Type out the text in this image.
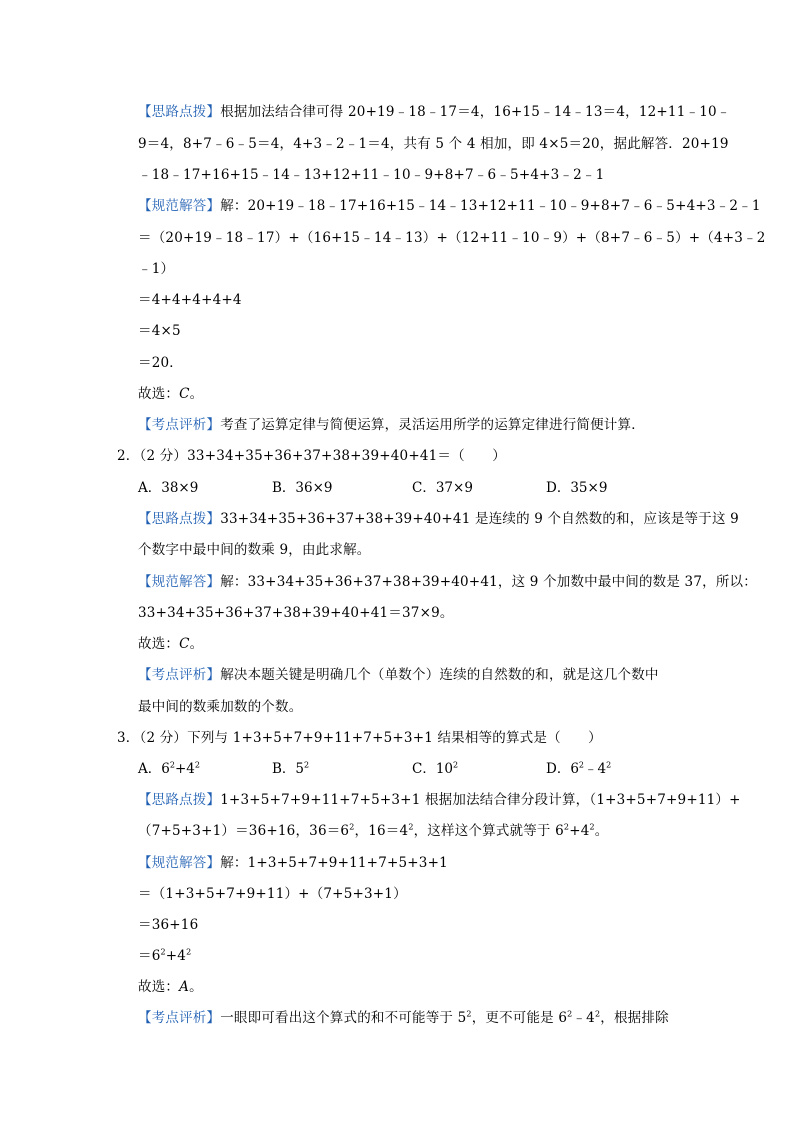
【思路点拨】根据加法结合律可得 20+19﹣18﹣17＝4，16+15﹣14﹣13＝4，12+11﹣10﹣
9＝4，8+7﹣6﹣5＝4，4+3﹣2﹣1＝4，共有 5 个 4 相加，即 4×5＝20，据此解答．20+19
﹣18﹣17+16+15﹣14﹣13+12+11﹣10﹣9+8+7﹣6﹣5+4+3﹣2﹣1
【规范解答】解：20+19﹣18﹣17+16+15﹣14﹣13+12+11﹣10﹣9+8+7﹣6﹣5+4+3﹣2﹣1
＝（20+19﹣18﹣17）+（16+15﹣14﹣13）+（12+11﹣10﹣9）+（8+7﹣6﹣5）+（4+3﹣2
﹣1）
＝4+4+4+4+4
＝4×5
＝20．
故选：C。
【考点评析】考查了运算定律与简便运算，灵活运用所学的运算定律进行简便计算．
2．（2 分）33+34+35+36+37+38+39+40+41＝（　　）
A．38×9	B．36×9	C．37×9	D．35×9
【思路点拨】33+34+35+36+37+38+39+40+41 是连续的 9 个自然数的和，应该是等于这 9
个数字中最中间的数乘 9，由此求解。
【规范解答】解：33+34+35+36+37+38+39+40+41，这 9 个加数中最中间的数是 37，所以：
33+34+35+36+37+38+39+40+41＝37×9。
故选：C。
【考点评析】解决本题关键是明确几个（单数个）连续的自然数的和，就是这几个数中
最中间的数乘加数的个数。
3．（2 分）下列与 1+3+5+7+9+11+7+5+3+1 结果相等的算式是（　　）
A．$6^2+4^2$	B．$5^2$	C．$10^2$	D．$6^2﹣4^2$
【思路点拨】1+3+5+7+9+11+7+5+3+1 根据加法结合律分段计算，（1+3+5+7+9+11）+
（7+5+3+1）＝36+16，$36=6^2$，$16=4^2$，这样这个算式就等于 $6^2+4^2$。
【规范解答】解：1+3+5+7+9+11+7+5+3+1
＝（1+3+5+7+9+11）+（7+5+3+1）
＝36+16
$=6^2+4^2$
故选：A。
【考点评析】一眼即可看出这个算式的和不可能等于 $5^2$，更不可能是 $6^2﹣4^2$，根据排除
